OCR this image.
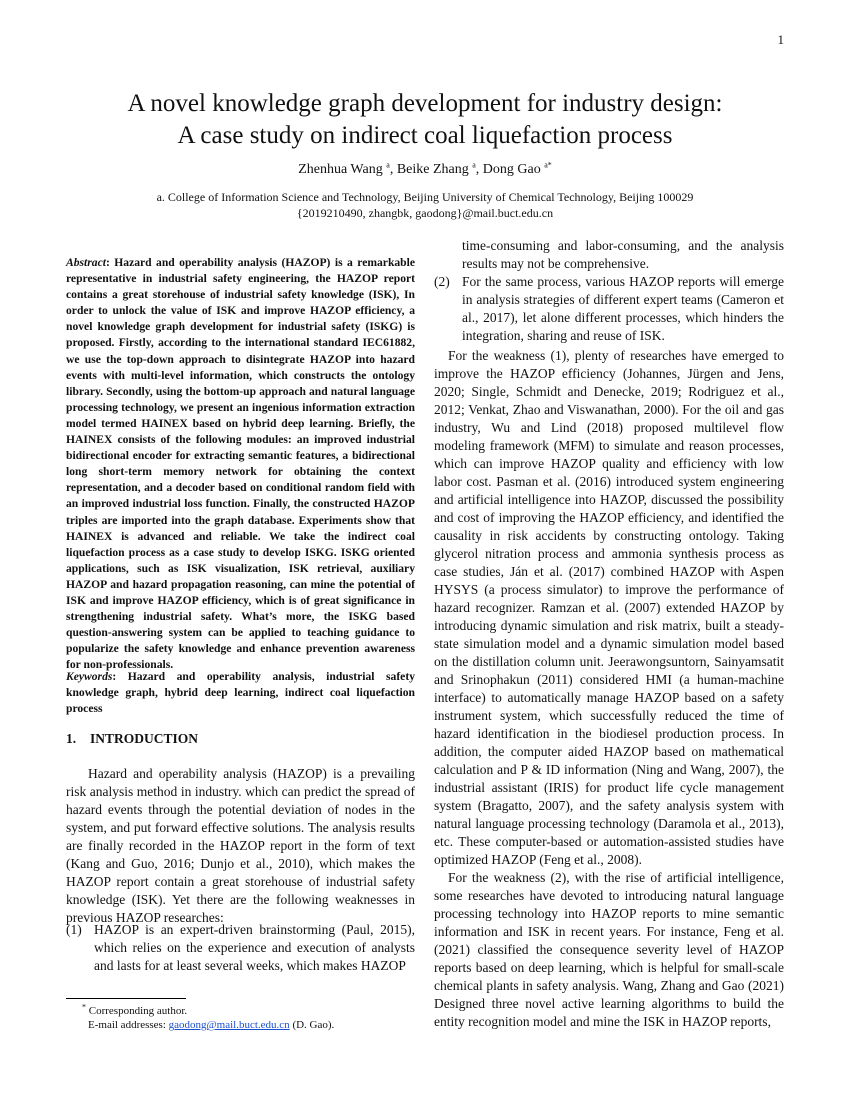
1
A novel knowledge graph development for industry design:
A case study on indirect coal liquefaction process
Zhenhua Wang $^a$, Beike Zhang $^a$, Dong Gao $^{a*}$
a. College of Information Science and Technology, Beijing University of Chemical Technology, Beijing 100029
{2019210490, zhangbk, gaodong}@mail.buct.edu.cn
Abstract: Hazard and operability analysis (HAZOP) is a remarkable representative in industrial safety engineering, the HAZOP report contains a great storehouse of industrial safety knowledge (ISK), In order to unlock the value of ISK and improve HAZOP efficiency, a novel knowledge graph development for industrial safety (ISKG) is proposed. Firstly, according to the international standard IEC61882, we use the top-down approach to disintegrate HAZOP into hazard events with multi-level information, which constructs the ontology library. Secondly, using the bottom-up approach and natural language processing technology, we present an ingenious information extraction model termed HAINEX based on hybrid deep learning. Briefly, the HAINEX consists of the following modules: an improved industrial bidirectional encoder for extracting semantic features, a bidirectional long short-term memory network for obtaining the context representation, and a decoder based on conditional random field with an improved industrial loss function. Finally, the constructed HAZOP triples are imported into the graph database. Experiments show that HAINEX is advanced and reliable. We take the indirect coal liquefaction process as a case study to develop ISKG. ISKG oriented applications, such as ISK visualization, ISK retrieval, auxiliary HAZOP and hazard propagation reasoning, can mine the potential of ISK and improve HAZOP efficiency, which is of great significance in strengthening industrial safety. What’s more, the ISKG based question-answering system can be applied to teaching guidance to popularize the safety knowledge and enhance prevention awareness for non-professionals.
Keywords: Hazard and operability analysis, industrial safety knowledge graph, hybrid deep learning, indirect coal liquefaction process
1. INTRODUCTION
Hazard and operability analysis (HAZOP) is a prevailing risk analysis method in industry. which can predict the spread of hazard events through the potential deviation of nodes in the system, and put forward effective solutions. The analysis results are finally recorded in the HAZOP report in the form of text (Kang and Guo, 2016; Dunjo et al., 2010), which makes the HAZOP report contain a great storehouse of industrial safety knowledge (ISK). Yet there are the following weaknesses in previous HAZOP researches:
(1) HAZOP is an expert-driven brainstorming (Paul, 2015), which relies on the experience and execution of analysts and lasts for at least several weeks, which makes HAZOP
time-consuming and labor-consuming, and the analysis results may not be comprehensive.
(2) For the same process, various HAZOP reports will emerge in analysis strategies of different expert teams (Cameron et al., 2017), let alone different processes, which hinders the integration, sharing and reuse of ISK.

For the weakness (1), plenty of researches have emerged to improve the HAZOP efficiency (Johannes, Jürgen and Jens, 2020; Single, Schmidt and Denecke, 2019; Rodriguez et al., 2012; Venkat, Zhao and Viswanathan, 2000). For the oil and gas industry, Wu and Lind (2018) proposed multilevel flow modeling framework (MFM) to simulate and reason processes, which can improve HAZOP quality and efficiency with low labor cost. Pasman et al. (2016) introduced system engineering and artificial intelligence into HAZOP, discussed the possibility and cost of improving the HAZOP efficiency, and identified the causality in risk accidents by constructing ontology. Taking glycerol nitration process and ammonia synthesis process as case studies, Ján et al. (2017) combined HAZOP with Aspen HYSYS (a process simulator) to improve the performance of hazard recognizer. Ramzan et al. (2007) extended HAZOP by introducing dynamic simulation and risk matrix, built a steady-state simulation model and a dynamic simulation model based on the distillation column unit. Jeerawongsuntorn, Sainyamsatit and Srinophakun (2011) considered HMI (a human-machine interface) to automatically manage HAZOP based on a safety instrument system, which successfully reduced the time of hazard identification in the biodiesel production process. In addition, the computer aided HAZOP based on mathematical calculation and P & ID information (Ning and Wang, 2007), the industrial assistant (IRIS) for product life cycle management system (Bragatto, 2007), and the safety analysis system with natural language processing technology (Daramola et al., 2013), etc. These computer-based or automation-assisted studies have optimized HAZOP (Feng et al., 2008).

For the weakness (2), with the rise of artificial intelligence, some researches have devoted to introducing natural language processing technology into HAZOP reports to mine semantic information and ISK in recent years. For instance, Feng et al. (2021) classified the consequence severity level of HAZOP reports based on deep learning, which is helpful for small-scale chemical plants in safety analysis. Wang, Zhang and Gao (2021) Designed three novel active learning algorithms to build the entity recognition model and mine the ISK in HAZOP reports,

* Corresponding author.
E-mail addresses: gaodong@mail.buct.edu.cn (D. Gao).
